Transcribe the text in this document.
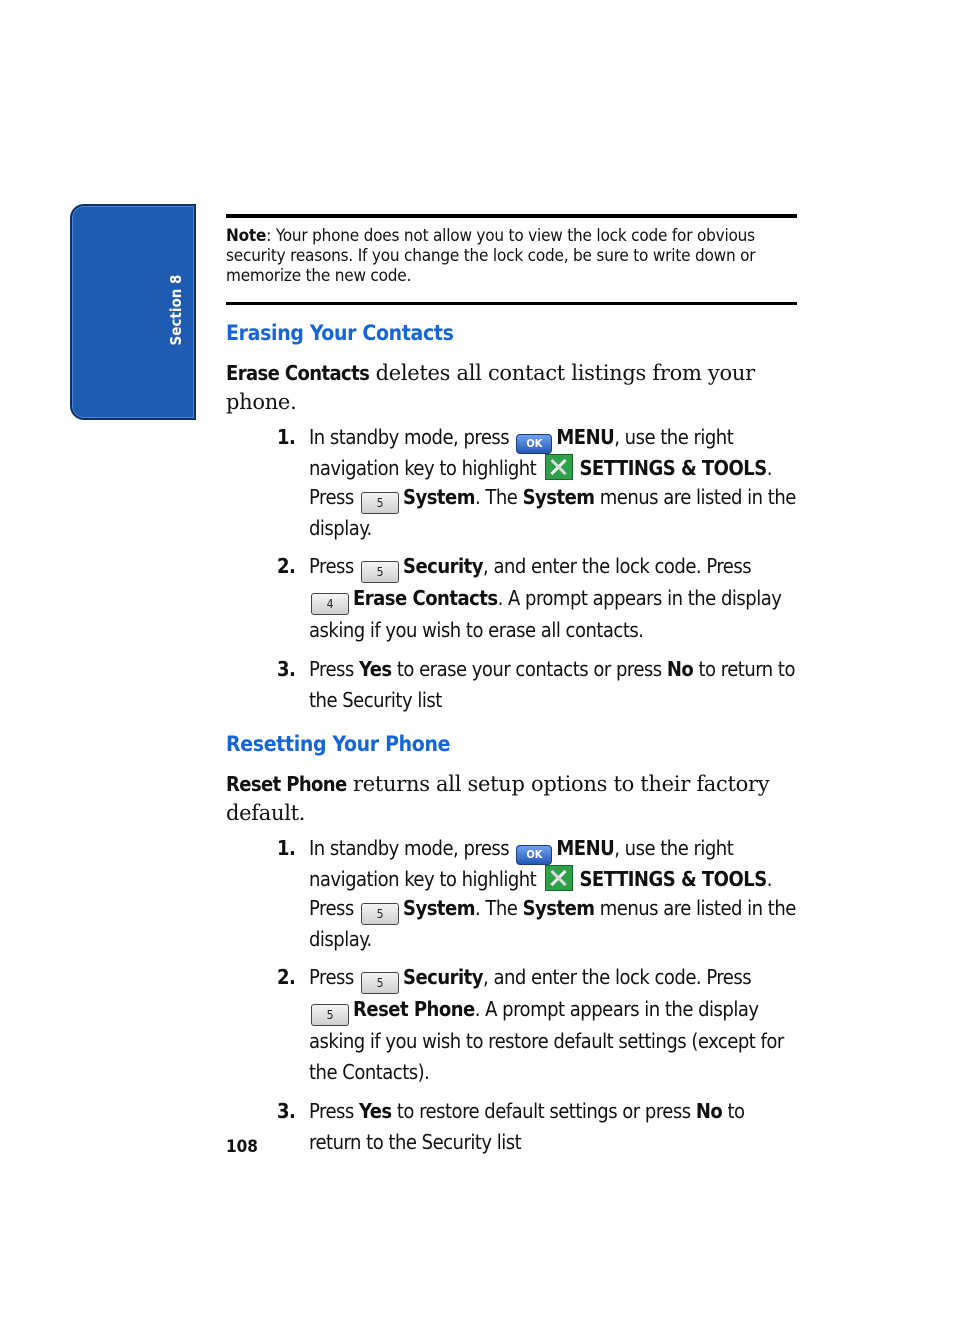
Section 8
Note: Your phone does not allow you to view the lock code for obvious security reasons. If you change the lock code, be sure to write down or memorize the new code.
Erasing Your Contacts

Erase Contacts deletes all contact listings from your phone.

1. In standby mode, press OK MENU, use the right navigation key to highlight SETTINGS & TOOLS. Press 5 System. The System menus are listed in the display.
2. Press 5 Security, and enter the lock code. Press 4 Erase Contacts. A prompt appears in the display asking if you wish to erase all contacts.
3. Press Yes to erase your contacts or press No to return to the Security list
Resetting Your Phone

Reset Phone returns all setup options to their factory default.

1. In standby mode, press OK MENU, use the right navigation key to highlight SETTINGS & TOOLS. Press 5 System. The System menus are listed in the display.
2. Press 5 Security, and enter the lock code. Press 5 Reset Phone. A prompt appears in the display asking if you wish to restore default settings (except for the Contacts).
3. Press Yes to restore default settings or press No to return to the Security list
108
